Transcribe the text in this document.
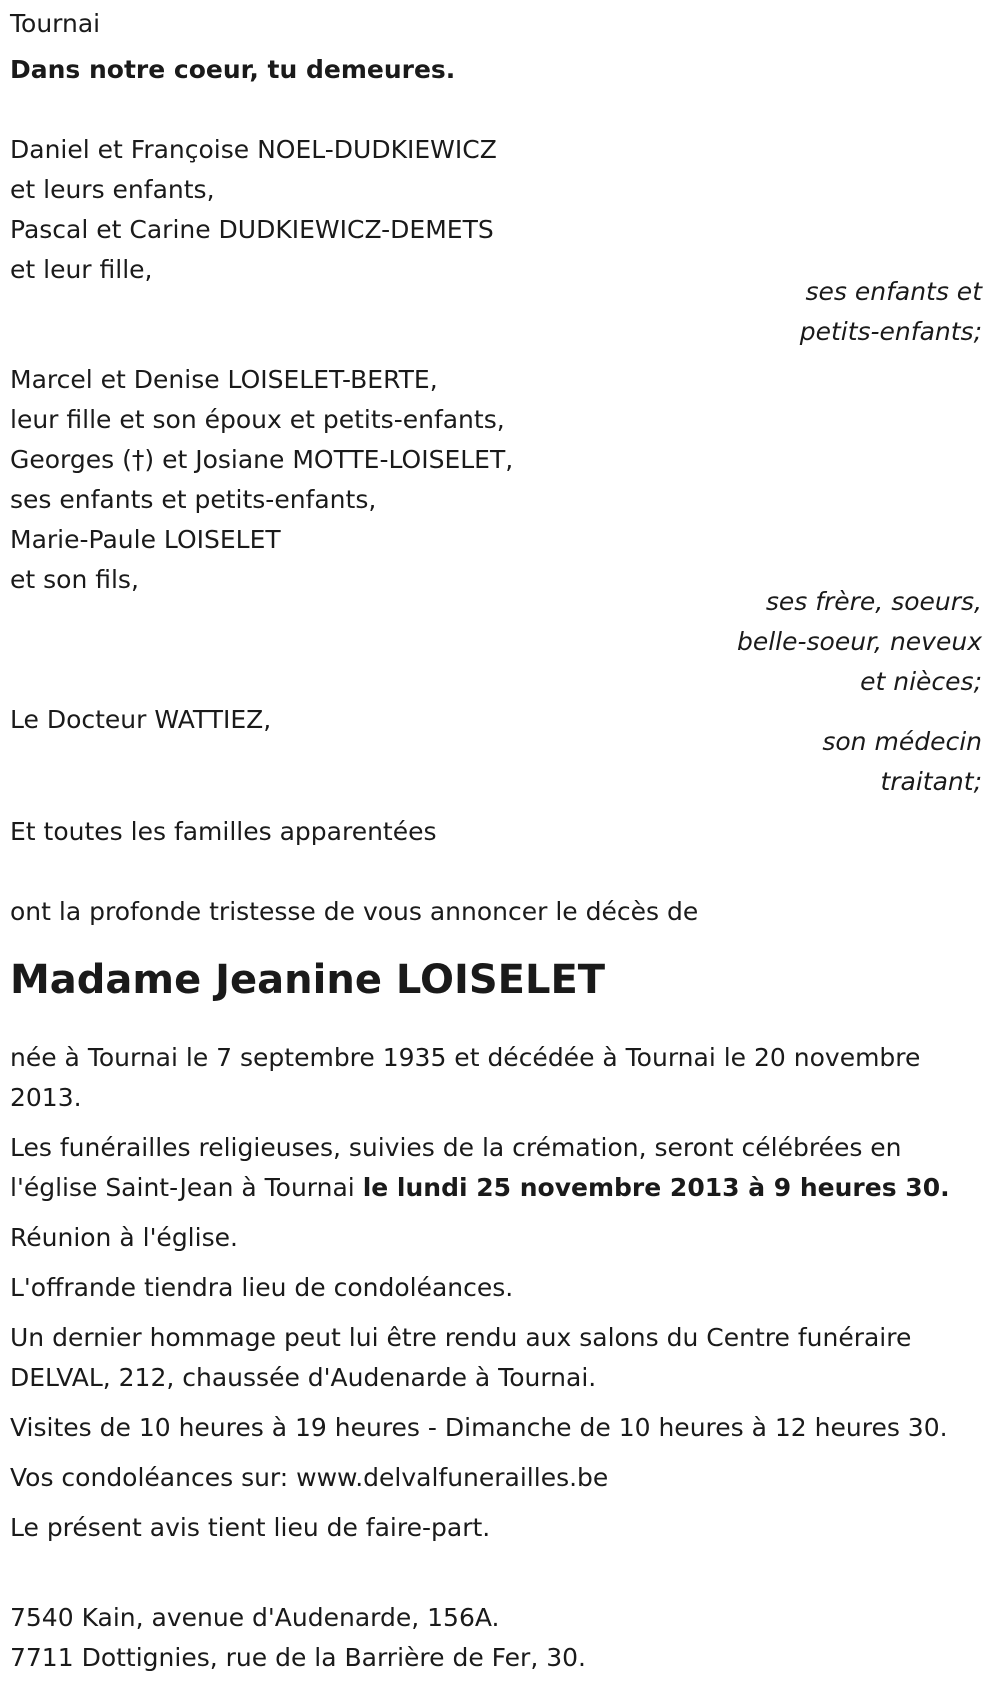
Tournai
Dans notre coeur, tu demeures.
Daniel et Françoise NOEL-DUDKIEWICZ
et leurs enfants,
Pascal et Carine DUDKIEWICZ-DEMETS
et leur fille,
ses enfants et
petits-enfants;
Marcel et Denise LOISELET-BERTE,
leur fille et son époux et petits-enfants,
Georges (†) et Josiane MOTTE-LOISELET,
ses enfants et petits-enfants,
Marie-Paule LOISELET
et son fils,
ses frère, soeurs,
belle-soeur, neveux
et nièces;
Le Docteur WATTIEZ,
son médecin
traitant;
Et toutes les familles apparentées
ont la profonde tristesse de vous annoncer le décès de
Madame Jeanine LOISELET
née à Tournai le 7 septembre 1935 et décédée à Tournai le 20 novembre 2013.
Les funérailles religieuses, suivies de la crémation, seront célébrées en l'église Saint-Jean à Tournai le lundi 25 novembre 2013 à 9 heures 30.
Réunion à l'église.
L'offrande tiendra lieu de condoléances.
Un dernier hommage peut lui être rendu aux salons du Centre funéraire DELVAL, 212, chaussée d'Audenarde à Tournai.
Visites de 10 heures à 19 heures - Dimanche de 10 heures à 12 heures 30.
Vos condoléances sur: www.delvalfunerailles.be
Le présent avis tient lieu de faire-part.
7540 Kain, avenue d'Audenarde, 156A.
7711 Dottignies, rue de la Barrière de Fer, 30.
